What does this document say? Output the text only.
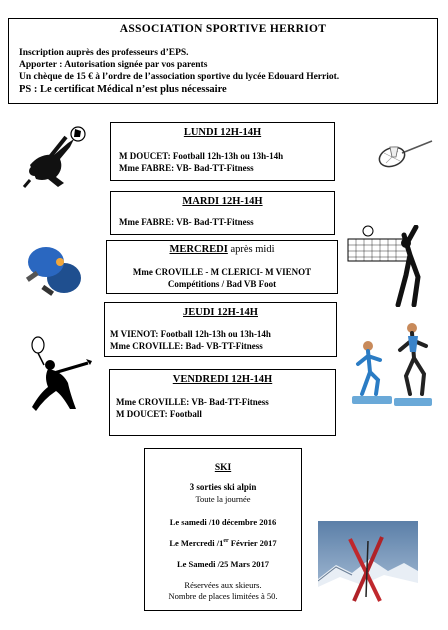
ASSOCIATION SPORTIVE HERRIOT
Inscription auprès des professeurs d’EPS.
Apporter : Autorisation signée par vos parents
Un chèque de 15 € à l’ordre de l’association sportive du lycée Edouard Herriot.
PS : Le certificat Médical n’est plus nécessaire
LUNDI 12H-14H
M DOUCET: Football 12h-13h ou 13h-14h
Mme FABRE: VB- Bad-TT-Fitness
MARDI 12H-14H
Mme FABRE: VB- Bad-TT-Fitness
MERCREDI après midi
Mme CROVILLE - M CLERICI- M VIENOT
Compétitions / Bad VB Foot
JEUDI 12H-14H
M VIENOT: Football 12h-13h ou 13h-14h
Mme CROVILLE: Bad- VB-TT-Fitness
VENDREDI 12H-14H
Mme CROVILLE: VB- Bad-TT-Fitness
M DOUCET: Football
SKI
3 sorties ski alpin
Toute la journée
Le samedi /10 décembre 2016
Le Mercredi /1er Février 2017
Le Samedi /25 Mars 2017
Réservées aux skieurs.
Nombre de places limitées à 50.
